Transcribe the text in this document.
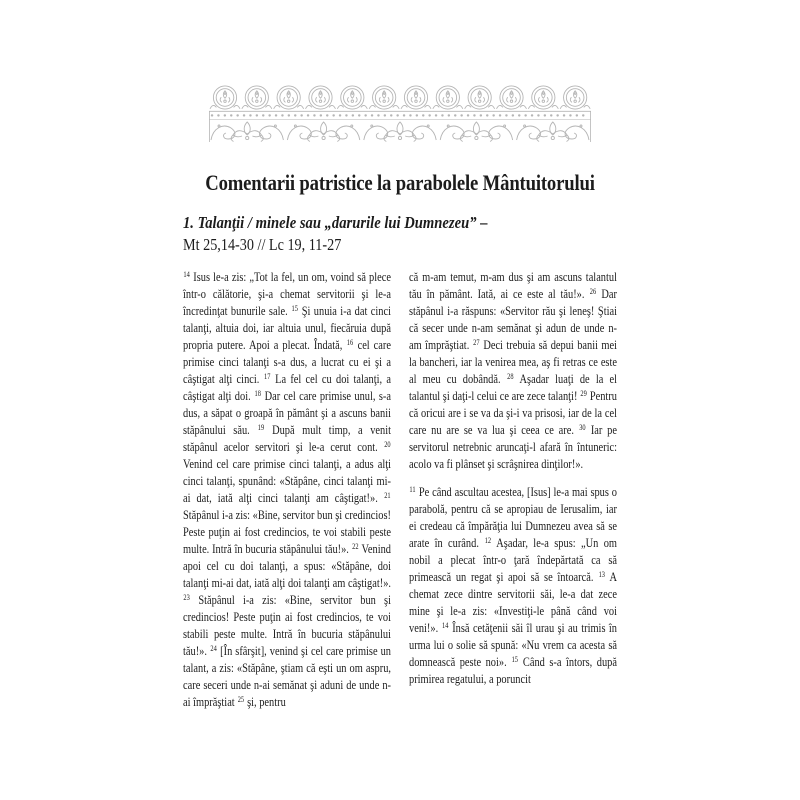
Comentarii patristice la parabolele Mântuitorului
1. Talanţii / minele sau „darurile lui Dumnezeu” –
Mt 25,14-30 // Lc 19, 11-27

$^{14}$ Isus le-a zis: „Tot la fel, un om, voind să plece într-o călătorie, şi-a chemat servitorii şi le-a încredinţat bunurile sale. $^{15}$ Şi unuia i-a dat cinci talanţi, altuia doi, iar altuia unul, fiecăruia după propria putere. Apoi a plecat. Îndată, $^{16}$ cel care primise cinci talanţi s-a dus, a lucrat cu ei şi a câştigat alţi cinci. $^{17}$ La fel cel cu doi talanţi, a câştigat alţi doi. $^{18}$ Dar cel care primise unul, s-a dus, a săpat o groapă în pământ şi a ascuns banii stăpânului său. $^{19}$ După mult timp, a venit stăpânul acelor servitori şi le-a cerut cont. $^{20}$ Venind cel care primise cinci talanţi, a adus alţi cinci talanţi, spunând: «Stăpâne, cinci talanţi mi-ai dat, iată alţi cinci talanţi am câştigat!». $^{21}$ Stăpânul i-a zis: «Bine, servitor bun şi credincios! Peste puţin ai fost credincios, te voi stabili peste multe. Intră în bucuria stăpânului tău!». $^{22}$ Venind apoi cel cu doi talanţi, a spus: «Stăpâne, doi talanţi mi-ai dat, iată alţi doi talanţi am câştigat!». $^{23}$ Stăpânul i-a zis: «Bine, servitor bun şi credincios! Peste puţin ai fost credincios, te voi stabili peste multe. Intră în bucuria stăpânului tău!». $^{24}$ [În sfârşit], venind şi cel care primise un talant, a zis: «Stăpâne, ştiam că eşti un om aspru, care seceri unde n-ai semănat şi aduni de unde n-ai împrăştiat $^{25}$ şi, pentru

că m-am temut, m-am dus şi am ascuns talantul tău în pământ. Iată, ai ce este al tău!». $^{26}$ Dar stăpânul i-a răspuns: «Servitor rău şi leneş! Ştiai că secer unde n-am semănat şi adun de unde n-am împrăştiat. $^{27}$ Deci trebuia să depui banii mei la bancheri, iar la venirea mea, aş fi retras ce este al meu cu dobândă. $^{28}$ Aşadar luaţi de la el talantul şi daţi-l celui ce are zece talanţi! $^{29}$ Pentru că oricui are i se va da şi-i va prisosi, iar de la cel care nu are se va lua şi ceea ce are. $^{30}$ Iar pe servitorul netrebnic aruncaţi-l afară în întuneric: acolo va fi plânset şi scrâşnirea dinţilor!».

$^{11}$ Pe când ascultau acestea, [Isus] le-a mai spus o parabolă, pentru că se apropiau de Ierusalim, iar ei credeau că împărăţia lui Dumnezeu avea să se arate în curând. $^{12}$ Aşadar, le-a spus: „Un om nobil a plecat într-o ţară îndepărtată ca să primească un regat şi apoi să se întoarcă. $^{13}$ A chemat zece dintre servitorii săi, le-a dat zece mine şi le-a zis: «Investiţi-le până când voi veni!». $^{14}$ Însă cetăţenii săi îl urau şi au trimis în urma lui o solie să spună: «Nu vrem ca acesta să domnească peste noi». $^{15}$ Când s-a întors, după primirea regatului, a poruncit
